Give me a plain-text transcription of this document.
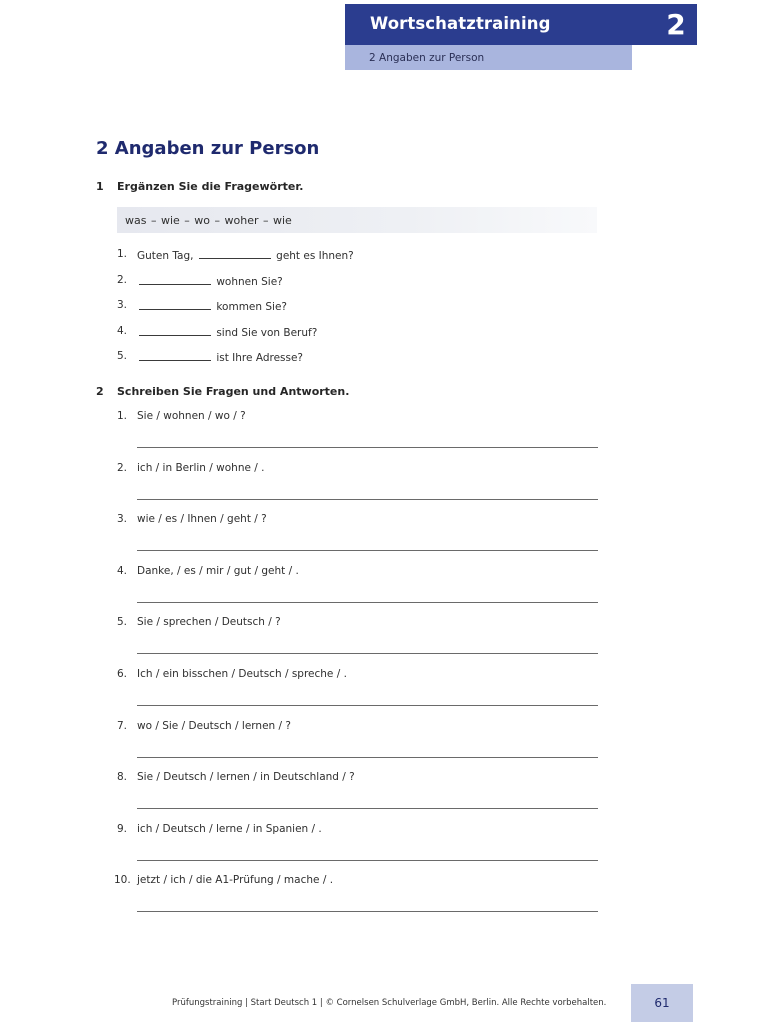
Wortschatztraining	2
2 Angaben zur Person
2 Angaben zur Person
1 Ergänzen Sie die Fragewörter.
was – wie – wo – woher – wie
1. Guten Tag,	geht es Ihnen?
2.	wohnen Sie?
3.	kommen Sie?
4.	sind Sie von Beruf?
5.	ist Ihre Adresse?
2 Schreiben Sie Fragen und Antworten.
1. Sie / wohnen / wo / ?
2. ich / in Berlin / wohne / .
3. wie / es / Ihnen / geht / ?
4. Danke, / es / mir / gut / geht / .
5. Sie / sprechen / Deutsch / ?
6. Ich / ein bisschen / Deutsch / spreche / .
7. wo / Sie / Deutsch / lernen / ?
8. Sie / Deutsch / lernen / in Deutschland / ?
9. ich / Deutsch / lerne / in Spanien / .
10. jetzt / ich / die A1-Prüfung / mache / .
Prüfungstraining | Start Deutsch 1 | © Cornelsen Schulverlage GmbH, Berlin. Alle Rechte vorbehalten.	61
